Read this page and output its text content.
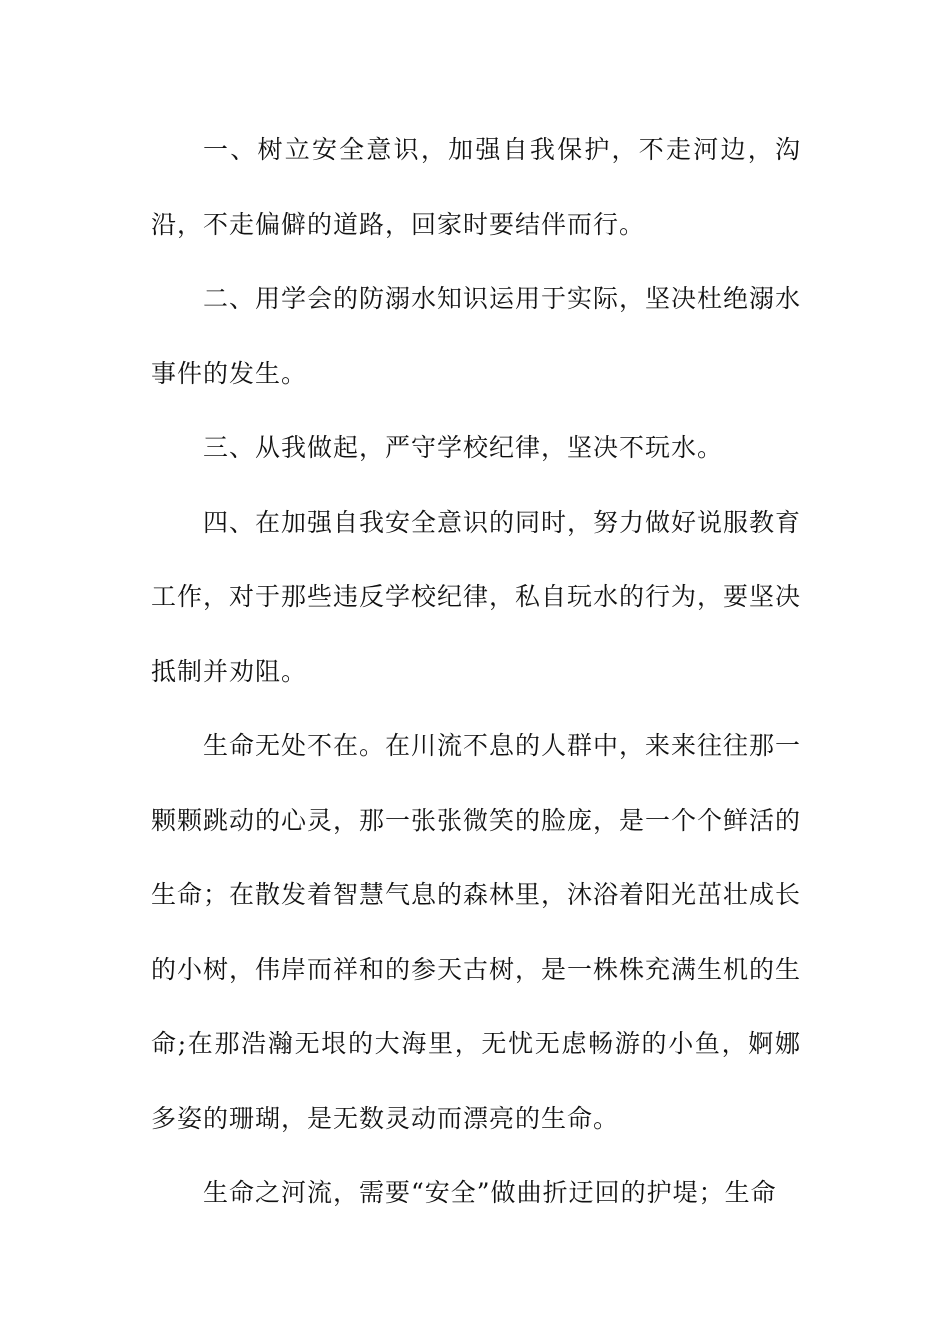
一、树立安全意识，加强自我保护，不走河边，沟沿，不走偏僻的道路，回家时要结伴而行。

二、用学会的防溺水知识运用于实际，坚决杜绝溺水事件的发生。

三、从我做起，严守学校纪律，坚决不玩水。

四、在加强自我安全意识的同时，努力做好说服教育工作，对于那些违反学校纪律，私自玩水的行为，要坚决抵制并劝阻。

生命无处不在。在川流不息的人群中，来来往往那一颗颗跳动的心灵，那一张张微笑的脸庞，是一个个鲜活的生命；在散发着智慧气息的森林里，沐浴着阳光茁壮成长的小树，伟岸而祥和的参天古树，是一株株充满生机的生命;在那浩瀚无垠的大海里，无忧无虑畅游的小鱼，婀娜多姿的珊瑚，是无数灵动而漂亮的生命。

生命之河流，需要“安全”做曲折迂回的护堤；生命
